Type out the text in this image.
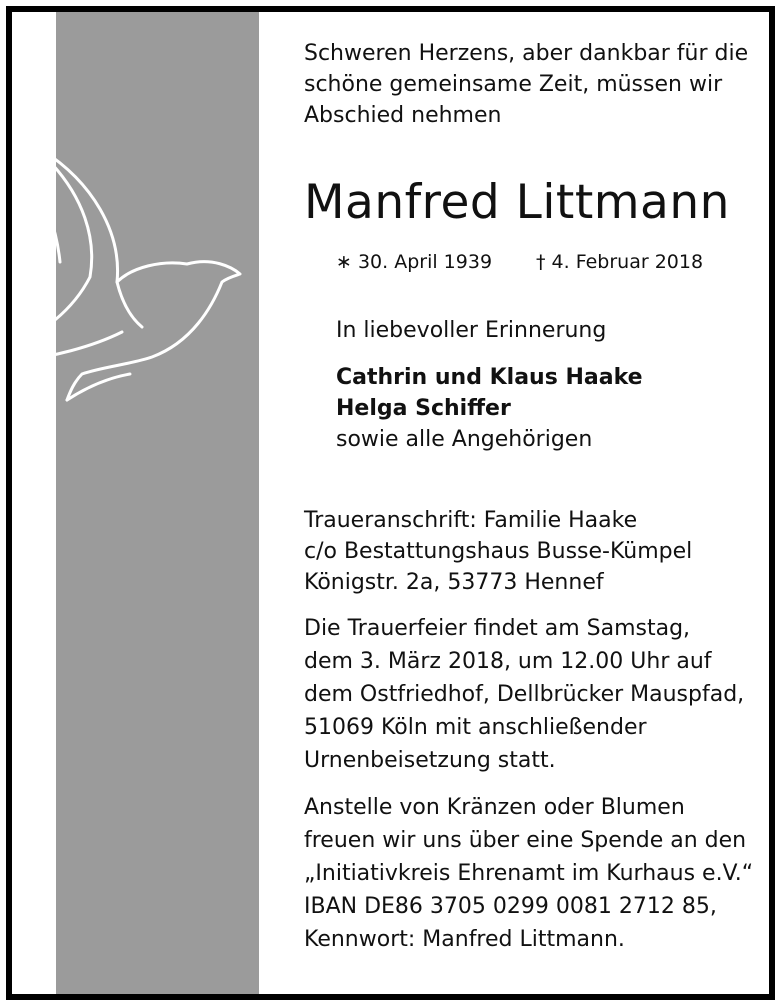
Schweren Herzens, aber dankbar für die
schöne gemeinsame Zeit, müssen wir
Abschied nehmen

Manfred Littmann
∗ 30. April 1939	† 4. Februar 2018
In liebevoller Erinnerung
Cathrin und Klaus Haake
Helga Schiffer
sowie alle Angehörigen
Traueranschrift: Familie Haake
c/o Bestattungshaus Busse-Kümpel
Königstr. 2a, 53773 Hennef
Die Trauerfeier findet am Samstag,
dem 3. März 2018, um 12.00 Uhr auf
dem Ostfriedhof, Dellbrücker Mauspfad,
51069 Köln mit anschließender
Urnenbeisetzung statt.
Anstelle von Kränzen oder Blumen
freuen wir uns über eine Spende an den
„Initiativkreis Ehrenamt im Kurhaus e.V.“
IBAN DE86 3705 0299 0081 2712 85,
Kennwort: Manfred Littmann.
